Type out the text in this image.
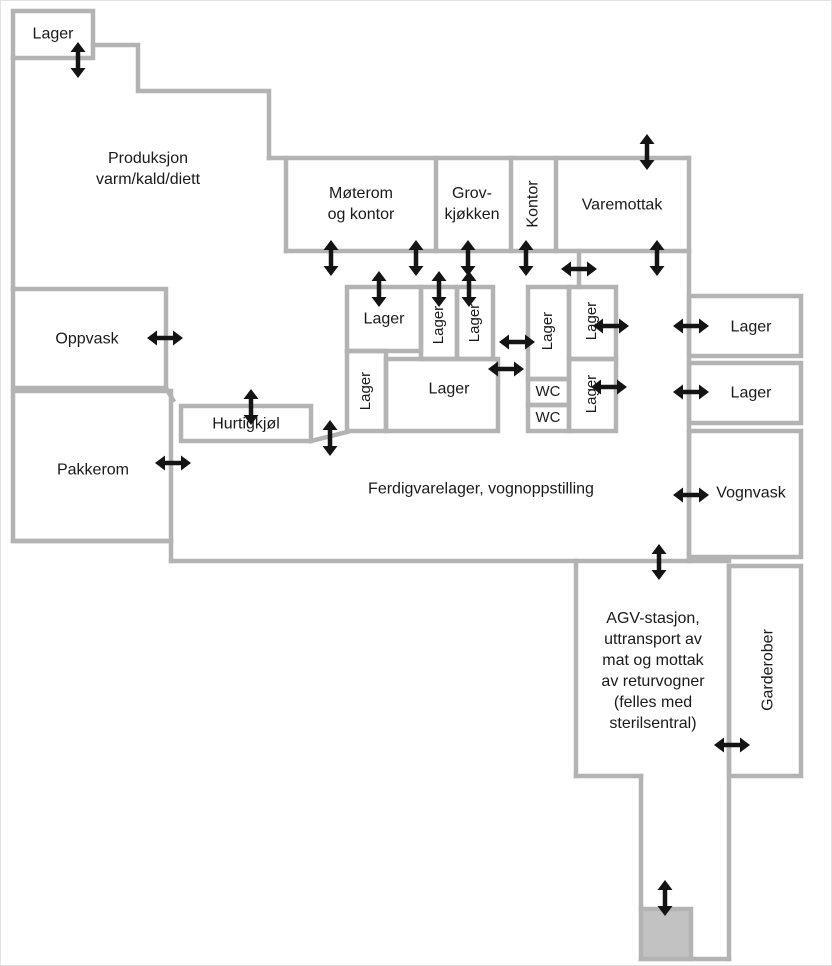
Lager
Produksjon
varm/kald/diett
Møterom
og kontor
Grov-
kjøkken Kontor	Varemottak
Oppvask
Pakkerom
Hurtigkjøl
Ferdigvarelager, vognoppstilling
Lager Lager Lager	Lager Lager
Lager	Lager	WC
WC
Lager
Lager
Lager
Vognvask
AGV-stasjon,
uttransport av
mat og mottak
av returvogner
(felles med
sterilsentral)
Garderober
